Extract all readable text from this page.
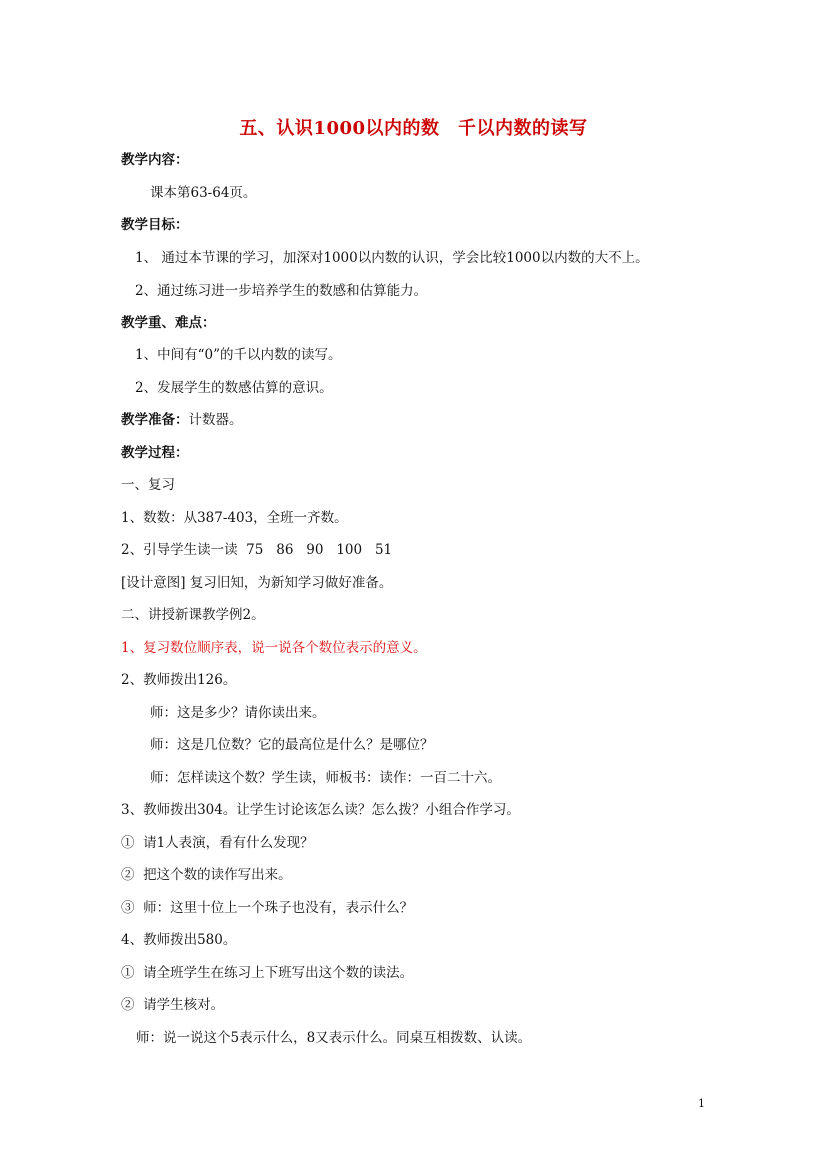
五、认识1000以内的数　千以内数的读写
教学内容：
课本第63-64页。
教学目标：
1、 通过本节课的学习，加深对1000以内数的认识，学会比较1000以内数的大不上。
2、通过练习进一步培养学生的数感和估算能力。
教学重、难点：
1、中间有“0”的千以内数的读写。
2、发展学生的数感估算的意识。
教学准备：计数器。
教学过程：
一、复习
1、数数：从387-403，全班一齐数。
2、引导学生读一读  75   86   90   100   51
[设计意图] 复习旧知，为新知学习做好准备。
二、讲授新课教学例2。
1、复习数位顺序表，说一说各个数位表示的意义。
2、教师拨出126。
师：这是多少？请你读出来。
师：这是几位数？它的最高位是什么？是哪位？
师：怎样读这个数？学生读，师板书：读作：一百二十六。
3、教师拨出304。让学生讨论该怎么读？怎么拨？小组合作学习。
①  请1人表演，看有什么发现？
②  把这个数的读作写出来。
③  师：这里十位上一个珠子也没有，表示什么？
4、教师拨出580。
①  请全班学生在练习上下班写出这个数的读法。
②  请学生核对。
师：说一说这个5表示什么，8又表示什么。同桌互相拨数、认读。
1
